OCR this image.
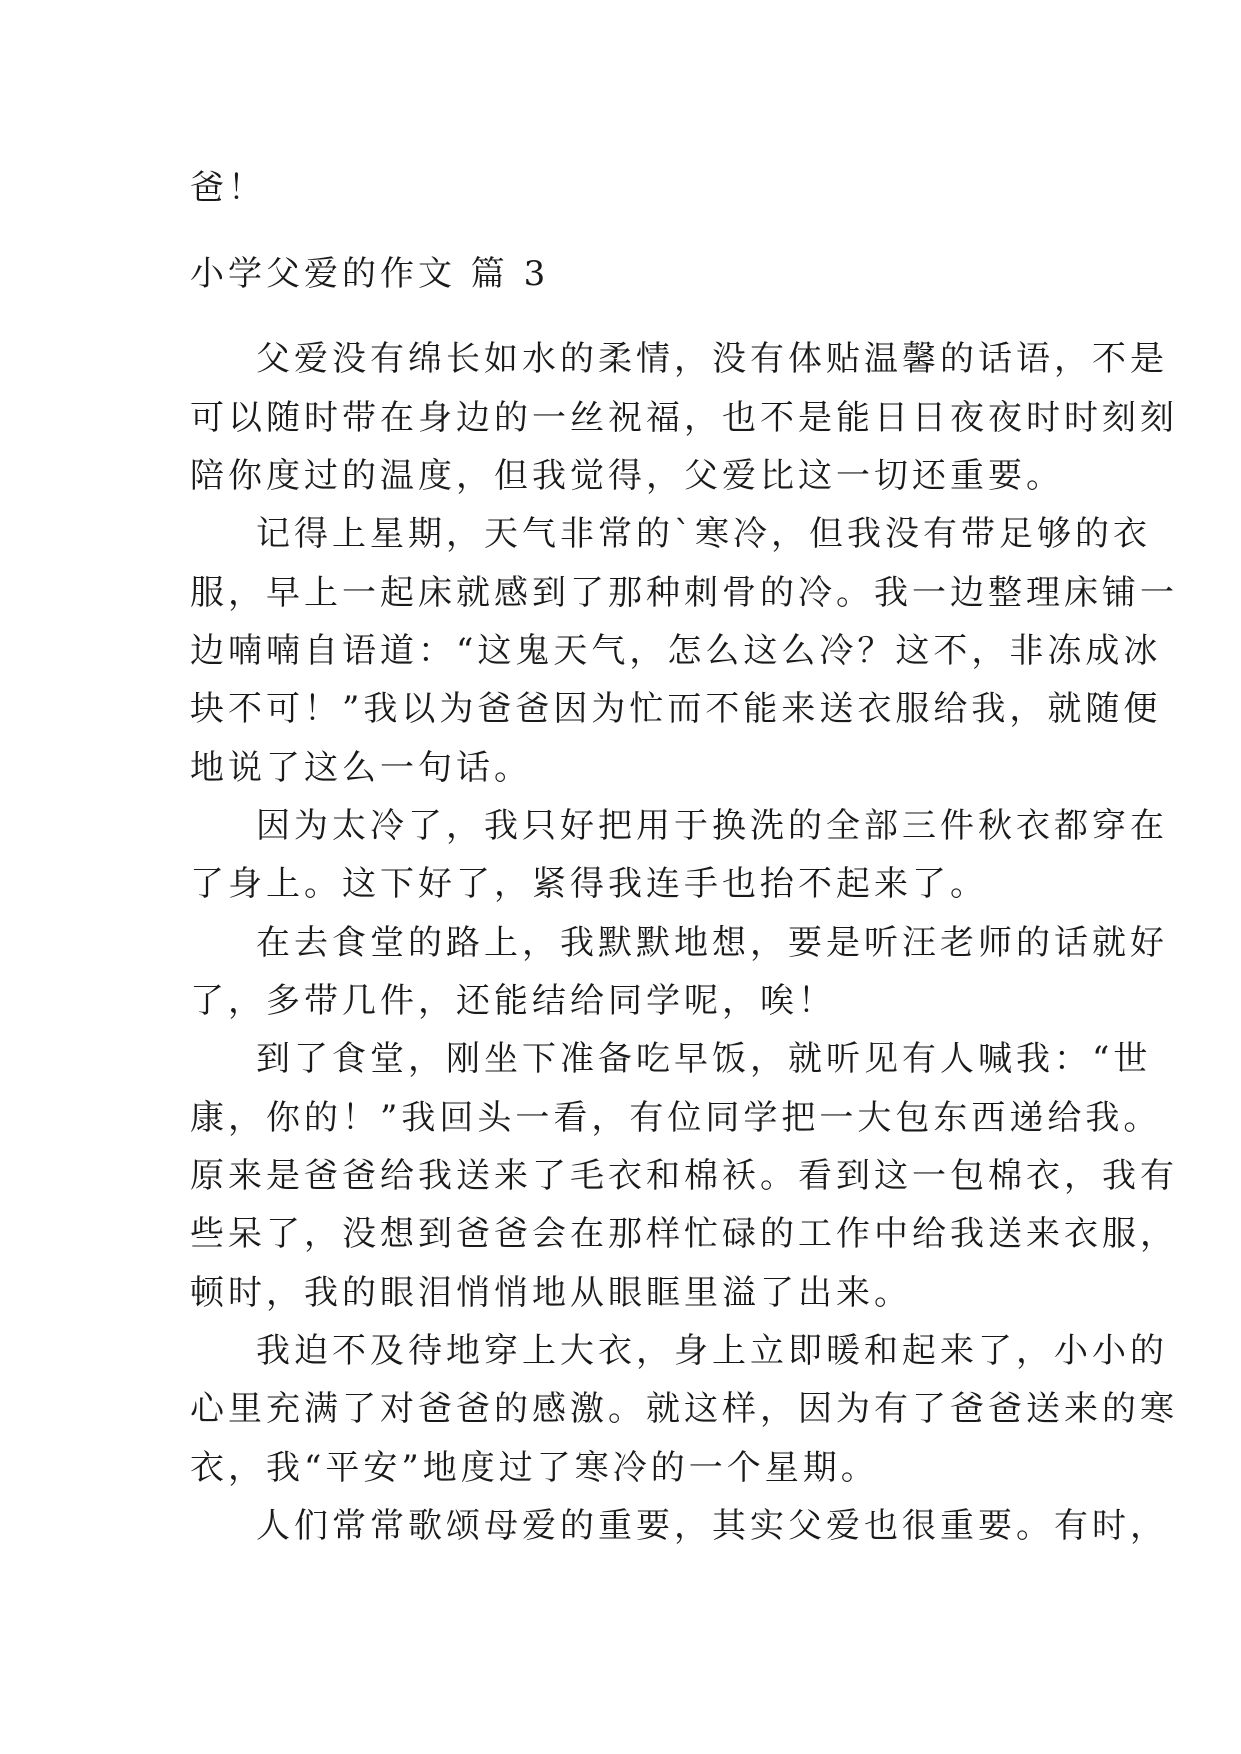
爸！
小学父爱的作文 篇 3
父爱没有绵长如水的柔情，没有体贴温馨的话语，不是
可以随时带在身边的一丝祝福，也不是能日日夜夜时时刻刻
陪你度过的温度，但我觉得，父爱比这一切还重要。
记得上星期，天气非常的`寒冷，但我没有带足够的衣
服，早上一起床就感到了那种刺骨的冷。我一边整理床铺一
边喃喃自语道：“这鬼天气，怎么这么冷？这不，非冻成冰
块不可！”我以为爸爸因为忙而不能来送衣服给我，就随便
地说了这么一句话。
因为太冷了，我只好把用于换洗的全部三件秋衣都穿在
了身上。这下好了，紧得我连手也抬不起来了。
在去食堂的路上，我默默地想，要是听汪老师的话就好
了，多带几件，还能结给同学呢，唉！
到了食堂，刚坐下准备吃早饭，就听见有人喊我：“世
康，你的！”我回头一看，有位同学把一大包东西递给我。
原来是爸爸给我送来了毛衣和棉袄。看到这一包棉衣，我有
些呆了，没想到爸爸会在那样忙碌的工作中给我送来衣服，
顿时，我的眼泪悄悄地从眼眶里溢了出来。
我迫不及待地穿上大衣，身上立即暖和起来了，小小的
心里充满了对爸爸的感激。就这样，因为有了爸爸送来的寒
衣，我“平安”地度过了寒冷的一个星期。
人们常常歌颂母爱的重要，其实父爱也很重要。有时，
